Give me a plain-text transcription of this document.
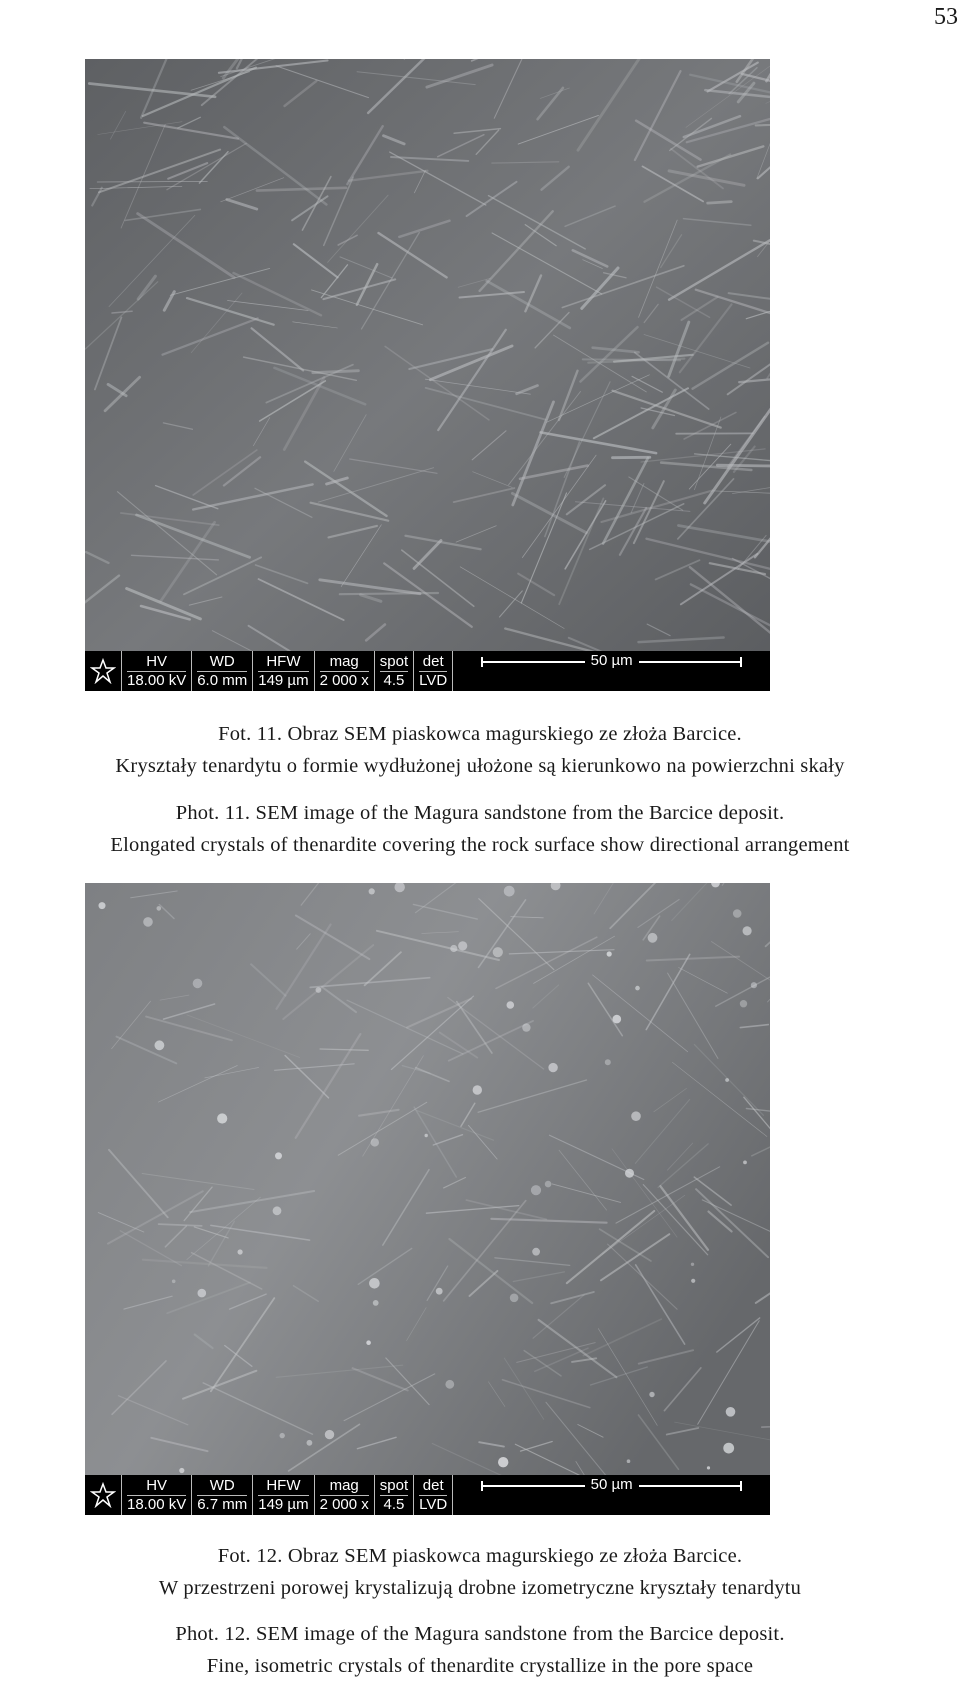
53
HV
18.00 kV
WD
6.0 mm
HFW
149 µm
mag
2 000 x
spot
4.5
det
LVD
50 µm
Fot. 11. Obraz SEM piaskowca magurskiego ze złoża Barcice.
Kryształy tenardytu o formie wydłużonej ułożone są kierunkowo na powierzchni skały
Phot. 11. SEM image of the Magura sandstone from the Barcice deposit.
Elongated crystals of thenardite covering the rock surface show directional arrangement
HV
18.00 kV
WD
6.7 mm
HFW
149 µm
mag
2 000 x
spot
4.5
det
LVD
50 µm
Fot. 12. Obraz SEM piaskowca magurskiego ze złoża Barcice.
W przestrzeni porowej krystalizują drobne izometryczne kryształy tenardytu
Phot. 12. SEM image of the Magura sandstone from the Barcice deposit.
Fine, isometric crystals of thenardite crystallize in the pore space
